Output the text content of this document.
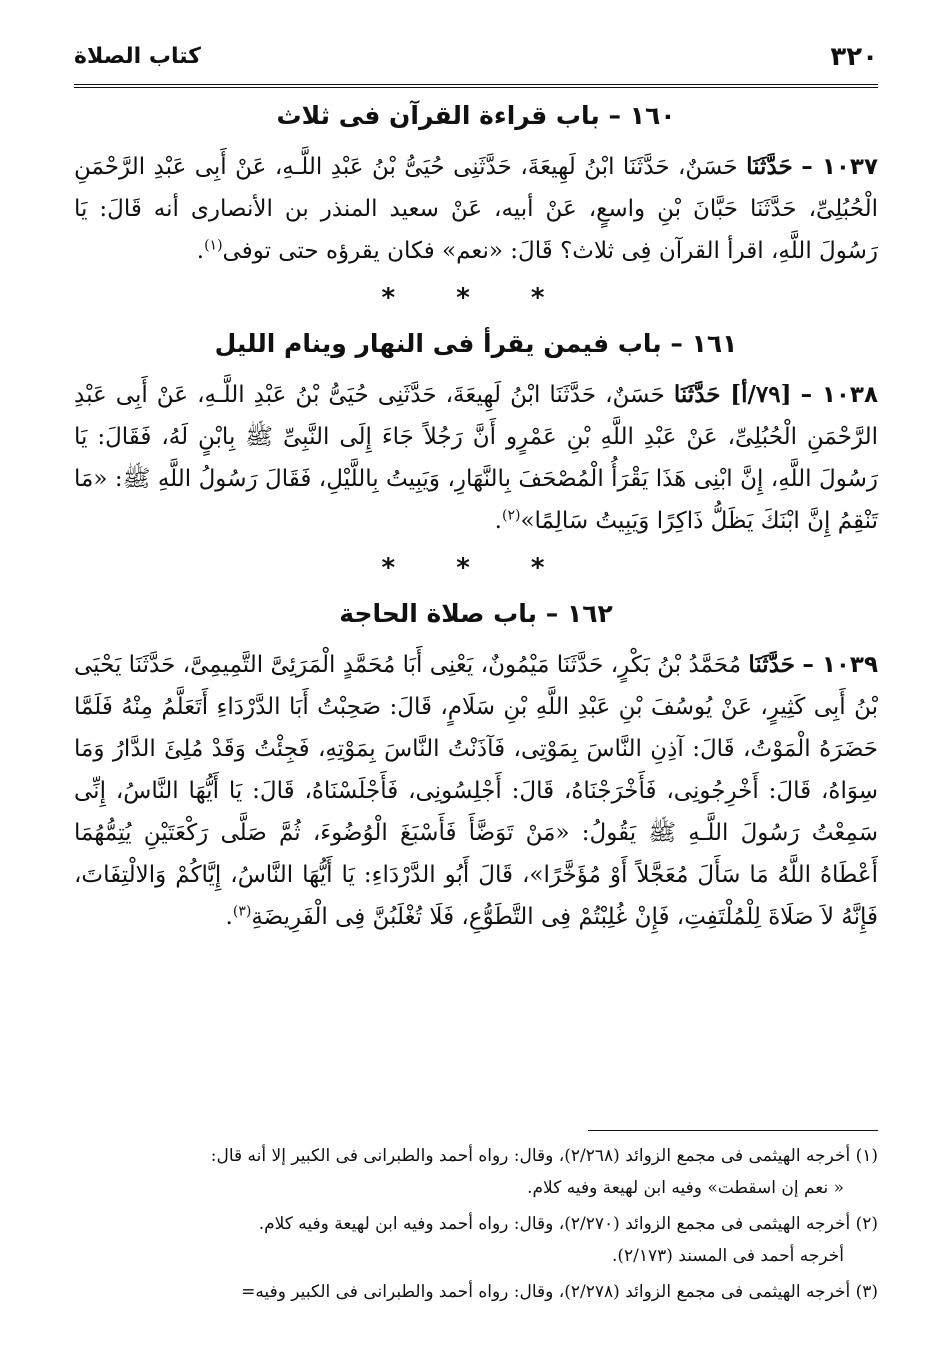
٣٢٠
كتاب الصلاة
١٦٠ – باب قراءة القرآن فى ثلاث

١٠٣٧ – حَدَّثَنَا حَسَنٌ، حَدَّثَنَا ابْنُ لَهِيعَةَ، حَدَّثَنِى حُيَىُّ بْنُ عَبْدِ اللَّـهِ، عَنْ أَبِى عَبْدِ الرَّحْمَنِ الْحُبُلِىِّ، حَدَّثَنَا حَبَّانَ بْنِ واسعٍ، عَنْ أبيه، عَنْ سعيد المنذر بن الأنصارى أنه قَالَ: يَا رَسُولَ اللَّهِ، اقرأ القرآن فِى ثلاث؟ قَالَ: «نعم» فكان يقرؤه حتى توفى$^{(١)}$.

* * *
١٦١ – باب فيمن يقرأ فى النهار وينام الليل

١٠٣٨ – [٧٩/أ] حَدَّثَنَا حَسَنٌ، حَدَّثَنَا ابْنُ لَهِيعَةَ، حَدَّثَنِى حُيَىُّ بْنُ عَبْدِ اللَّـهِ، عَنْ أَبِى عَبْدِ الرَّحْمَنِ الْحُبُلِىِّ، عَنْ عَبْدِ اللَّهِ بْنِ عَمْرٍو أَنَّ رَجُلاً جَاءَ إِلَى النَّبِىِّ ﷺ بِابْنٍ لَهُ، فَقَالَ: يَا رَسُولَ اللَّهِ، إِنَّ ابْنِى هَذَا يَقْرَأُ الْمُصْحَفَ بِالنَّهَارِ، وَيَبِيتُ بِاللَّيْلِ، فَقَالَ رَسُولُ اللَّهِ ﷺ: «مَا تَنْقِمُ إِنَّ ابْنَكَ يَظَلُّ ذَاكِرًا وَيَبِيتُ سَالِمًا»$^{(٢)}$.

* * *
١٦٢ – باب صلاة الحاجة

١٠٣٩ – حَدَّثَنَا مُحَمَّدُ بْنُ بَكْرٍ، حَدَّثَنَا مَيْمُونٌ، يَعْنِى أَبَا مُحَمَّدٍ الْمَرَئِىَّ التَّمِيمِىَّ، حَدَّثَنَا يَحْيَى بْنُ أَبِى كَثِيرٍ، عَنْ يُوسُفَ بْنِ عَبْدِ اللَّهِ بْنِ سَلَامٍ، قَالَ: صَحِبْتُ أَبَا الدَّرْدَاءِ أَتَعَلَّمُ مِنْهُ فَلَمَّا حَضَرَهُ الْمَوْتُ، قَالَ: آذِنِ النَّاسَ بِمَوْتِى، فَآذَنْتُ النَّاسَ بِمَوْتِهِ، فَجِئْتُ وَقَدْ مُلِئَ الدَّارُ وَمَا سِوَاهُ، قَالَ: أَخْرِجُونِى، فَأَخْرَجْنَاهُ، قَالَ: أَجْلِسُونِى، فَأَجْلَسْنَاهُ، قَالَ: يَا أَيُّهَا النَّاسُ، إِنِّى سَمِعْتُ رَسُولَ اللَّـهِ ﷺ يَقُولُ: «مَنْ تَوَضَّأَ فَأَسْبَغَ الْوُضُوءَ، ثُمَّ صَلَّى رَكْعَتَيْنِ يُتِمُّهُمَا أَعْطَاهُ اللَّهُ مَا سَأَلَ مُعَجَّلاً أَوْ مُؤَخَّرًا»، قَالَ أَبُو الدَّرْدَاءِ: يَا أَيُّهَا النَّاسُ، إِيَّاكُمْ وَالالْتِفَاتَ، فَإِنَّهُ لاَ صَلَاةَ لِلْمُلْتَفِتِ، فَإِنْ غُلِبْتُمْ فِى التَّطَوُّعِ، فَلَا تُغْلَبُنَّ فِى الْفَرِيضَةِ$^{(٣)}$.

(١) أخرجه الهيثمى فى مجمع الزوائد (٢/٢٦٨)، وقال: رواه أحمد والطبرانى فى الكبير إلا أنه قال:
« نعم إن اسقطت» وفيه ابن لهيعة وفيه كلام.
(٢) أخرجه الهيثمى فى مجمع الزوائد (٢/٢٧٠)، وقال: رواه أحمد وفيه ابن لهيعة وفيه كلام.
أخرجه أحمد فى المسند (٢/١٧٣).
(٣) أخرجه الهيثمى فى مجمع الزوائد (٢/٢٧٨)، وقال: رواه أحمد والطبرانى فى الكبير وفيه=
